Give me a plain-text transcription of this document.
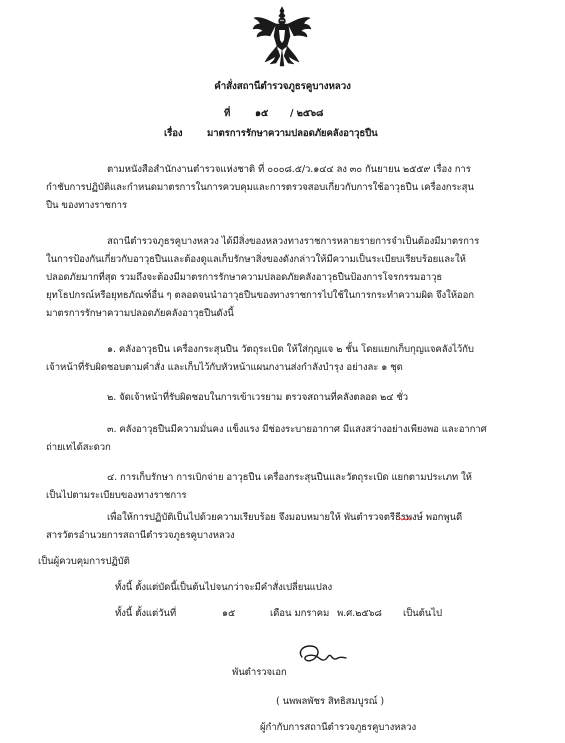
คำสั่งสถานีตำรวจภูธรคูบางหลวง
ที่	๑๕ / ๒๕๖๘
เรื่อง	มาตรการรักษาความปลอดภัยคลังอาวุธปืน
ตามหนังสือสำนักงานตำรวจแห่งชาติ ที่ ๐๐๐๘.๕/ว.๑๔๔ ลง ๓๐ กันยายน ๒๕๕๙ เรื่อง การ
กำชับการปฏิบัติและกำหนดมาตรการในการควบคุมและการตรวจสอบเกี่ยวกับการใช้อาวุธปืน เครื่องกระสุน
ปืน ของทางราชการ
สถานีตำรวจภูธรคูบางหลวง ได้มีสิ่งของหลวงทางราชการหลายรายการจำเป็นต้องมีมาตรการ
ในการป้องกันเกี่ยวกับอาวุธปืนและต้องดูแลเก็บรักษาสิ่งของดังกล่าวให้มีความเป็นระเบียบเรียบร้อยและให้
ปลอดภัยมากที่สุด รวมถึงจะต้องมีมาตรการรักษาความปลอดภัยคลังอาวุธปืนป้องการโจรกรรมอาวุธ
ยุทโธปกรณ์หรือยุทธภัณฑ์อื่น ๆ ตลอดจนนำอาวุธปืนของทางราชการไปใช้ในการกระทำความผิด จึงให้ออก
มาตรการรักษาความปลอดภัยคลังอาวุธปืนดังนี้
๑. คลังอาวุธปืน เครื่องกระสุนปืน วัตถุระเบิด ให้ใส่กุญแจ ๒ ชั้น โดยแยกเก็บกุญแจคลังไว้กับ
เจ้าหน้าที่รับผิดชอบตามคำสั่ง และเก็บไว้กับหัวหน้าแผนกงานส่งกำลังบำรุง อย่างละ ๑ ชุด
๒. จัดเจ้าหน้าที่รับผิดชอบในการเข้าเวรยาม ตรวจสถานที่คลังตลอด ๒๔ ชั่ว
๓. คลังอาวุธปืนมีความมั่นคง แข็งแรง มีช่องระบายอากาศ มีแสงสว่างอย่างเพียงพอ และอากาศ
ถ่ายเทได้สะดวก
๔. การเก็บรักษา การเบิกจ่าย อาวุธปืน เครื่องกระสุนปืนและวัตถุระเบิด แยกตามประเภท ให้
เป็นไปตามระเบียบของทางราชการ
เพื่อให้การปฏิบัติเป็นไปด้วยความเรียบร้อย จึงมอบหมายให้ พันตำรวจตรีธีรพงษ์ พอกพูนดี
สารวัตรอำนวยการสถานีตำรวจภูธรคูบางหลวง
เป็นผู้ควบคุมการปฏิบัติ
ทั้งนี้ ตั้งแต่บัดนี้เป็นต้นไปจนกว่าจะมีคำสั่งเปลี่ยนแปลง
ทั้งนี้ ตั้งแต่วันที่	๑๕	เดือน มกราคม พ.ศ.๒๕๖๘ เป็นต้นไป
พันตำรวจเอก
( นพพลพัชร สิทธิสมบูรณ์ )
ผู้กำกับการสถานีตำรวจภูธรคูบางหลวง
